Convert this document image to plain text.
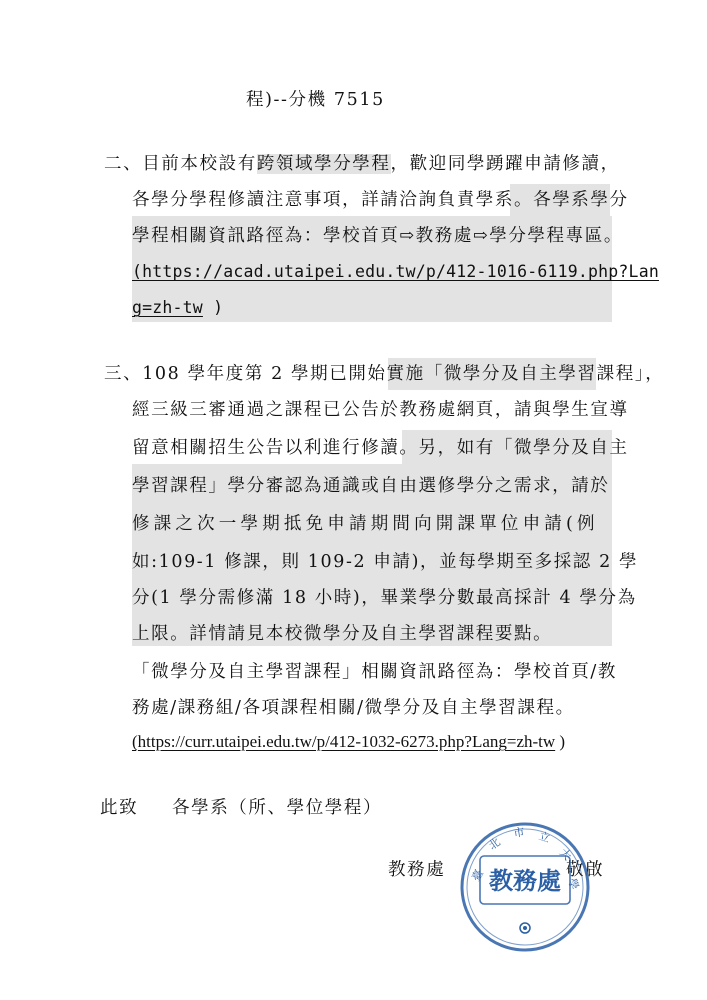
程)--分機 7515
二、目前本校設有跨領域學分學程，歡迎同學踴躍申請修讀，
各學分學程修讀注意事項，詳請洽詢負責學系。各學系學分
學程相關資訊路徑為：學校首頁⇨教務處⇨學分學程專區。
(https://acad.utaipei.edu.tw/p/412-1016-6119.php?Lan
g=zh-tw )
三、108 學年度第 2 學期已開始實施「微學分及自主學習課程」，
經三級三審通過之課程已公告於教務處網頁，請與學生宣導
留意相關招生公告以利進行修讀。另，如有「微學分及自主
學習課程」學分審認為通識或自由選修學分之需求，請於
修課之次一學期抵免申請期間向開課單位申請(例
如:109-1 修課，則 109-2 申請)，並每學期至多採認 2 學
分(1 學分需修滿 18 小時)，畢業學分數最高採計 4 學分為
上限。詳情請見本校微學分及自主學習課程要點。
「微學分及自主學習課程」相關資訊路徑為：學校首頁/教
務處/課務組/各項課程相關/微學分及自主學習課程。
(https://curr.utaipei.edu.tw/p/412-1032-6273.php?Lang=zh-tw )
此致 各學系（所、學位學程）
教務處	敬啟
臺
北
市 立
大
學
教務處
